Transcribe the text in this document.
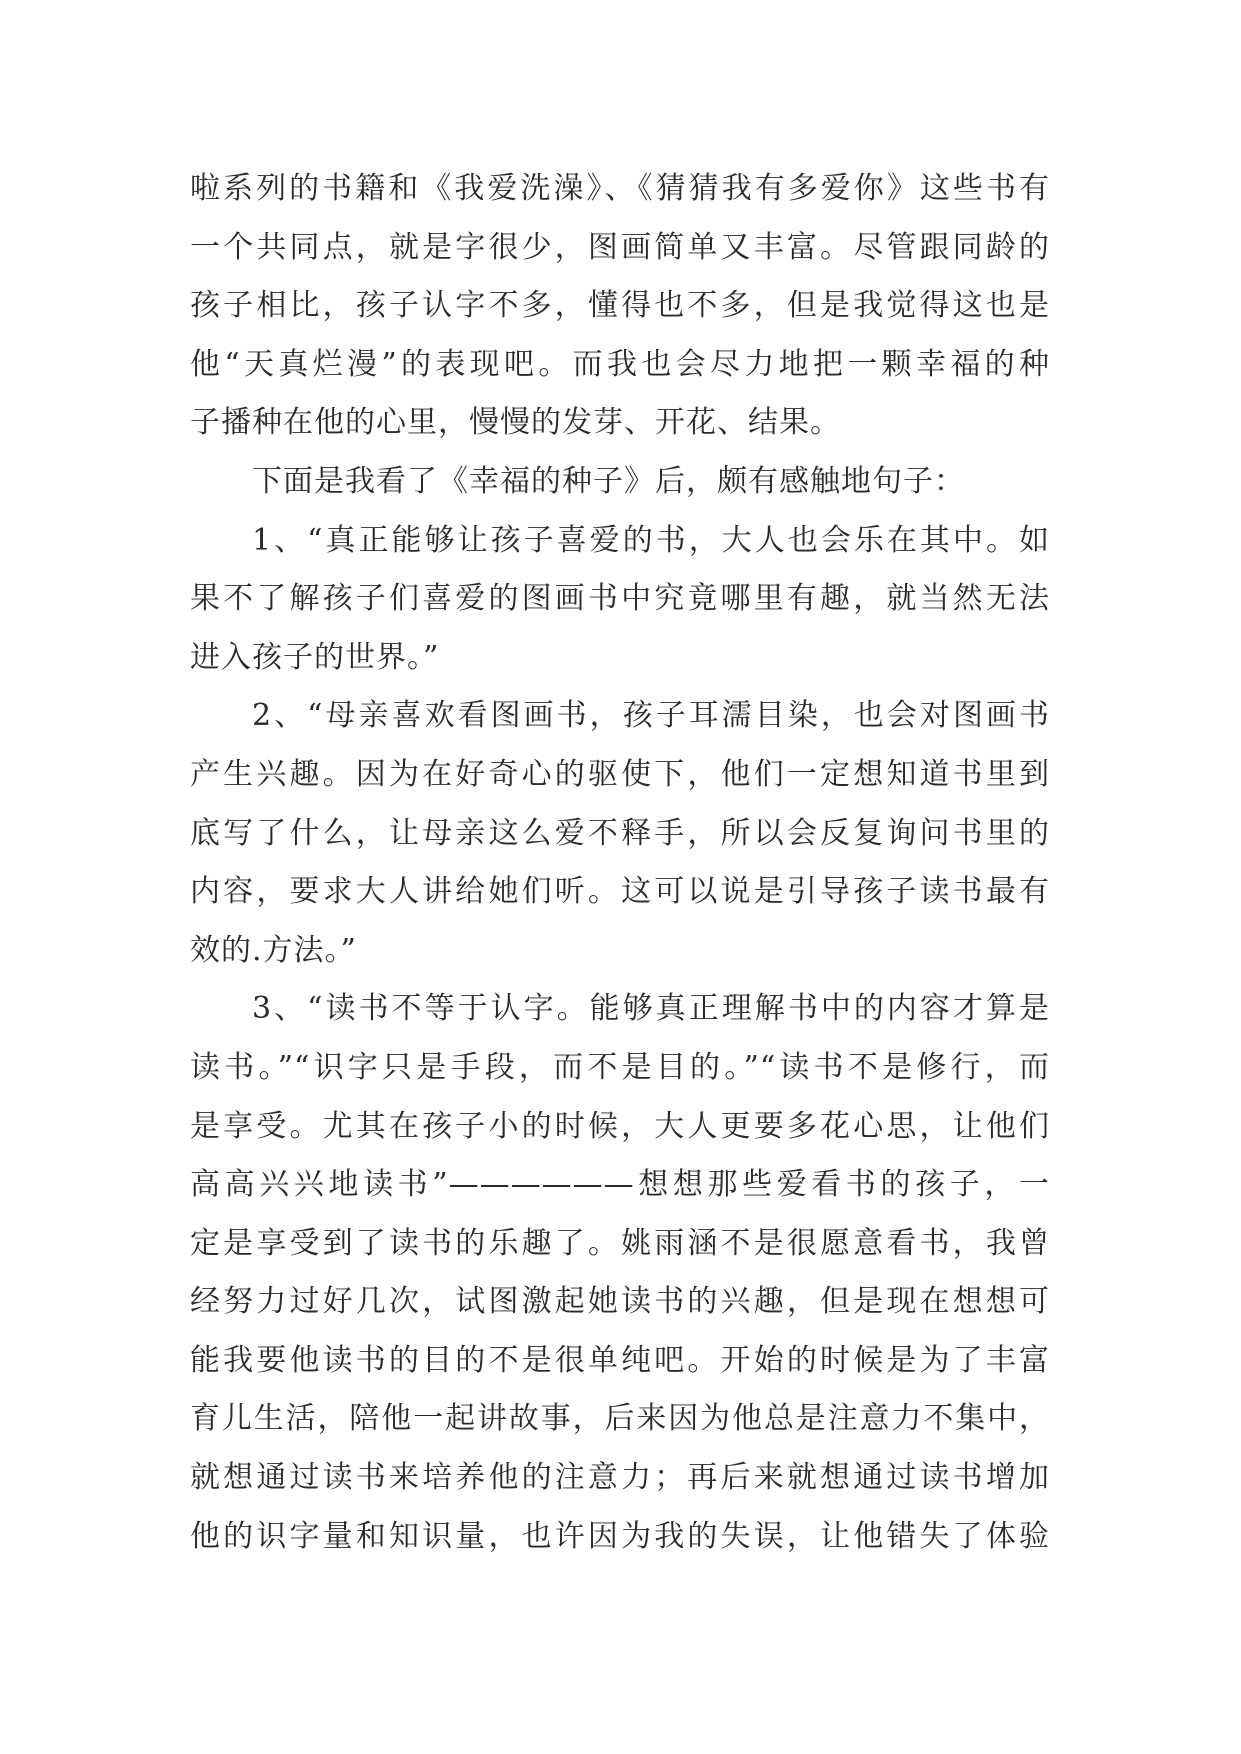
啦系列的书籍和《我爱洗澡》、《猜猜我有多爱你》这些书有
一个共同点，就是字很少，图画简单又丰富。尽管跟同龄的
孩子相比，孩子认字不多，懂得也不多，但是我觉得这也是
他“天真烂漫”的表现吧。而我也会尽力地把一颗幸福的种
子播种在他的心里，慢慢的发芽、开花、结果。
下面是我看了《幸福的种子》后，颇有感触地句子：
1、“真正能够让孩子喜爱的书，大人也会乐在其中。如
果不了解孩子们喜爱的图画书中究竟哪里有趣，就当然无法
进入孩子的世界。”
2、“母亲喜欢看图画书，孩子耳濡目染，也会对图画书
产生兴趣。因为在好奇心的驱使下，他们一定想知道书里到
底写了什么，让母亲这么爱不释手，所以会反复询问书里的
内容，要求大人讲给她们听。这可以说是引导孩子读书最有
效的.方法。”
3、“读书不等于认字。能够真正理解书中的内容才算是
读书。”“识字只是手段，而不是目的。”“读书不是修行，而
是享受。尤其在孩子小的时候，大人更要多花心思，让他们
高高兴兴地读书”——————想想那些爱看书的孩子，一
定是享受到了读书的乐趣了。姚雨涵不是很愿意看书，我曾
经努力过好几次，试图激起她读书的兴趣，但是现在想想可
能我要他读书的目的不是很单纯吧。开始的时候是为了丰富
育儿生活，陪他一起讲故事，后来因为他总是注意力不集中，
就想通过读书来培养他的注意力；再后来就想通过读书增加
他的识字量和知识量，也许因为我的失误，让他错失了体验
